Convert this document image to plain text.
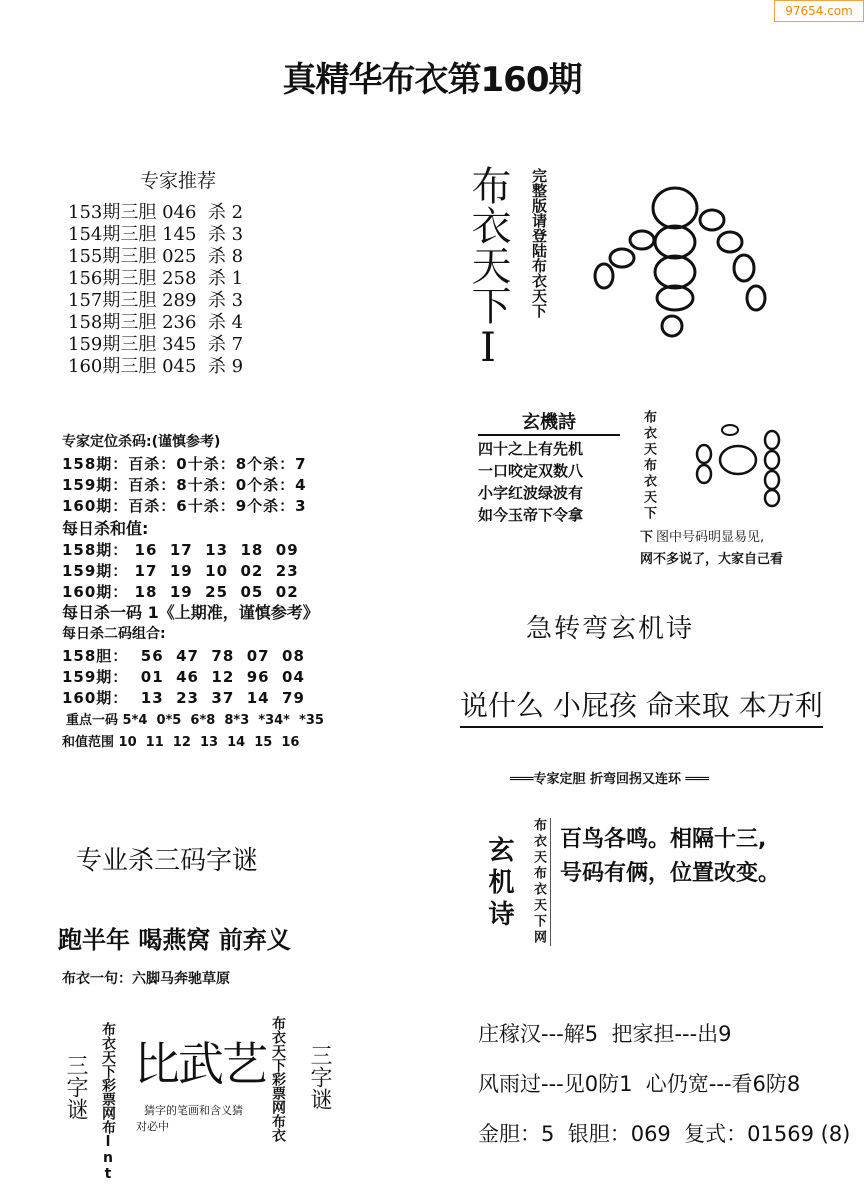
97654.com
真精华布衣第160期
专家推荐
153期三胆 046  杀 2
154期三胆 145  杀 3
155期三胆 025  杀 8
156期三胆 258  杀 1
157期三胆 289  杀 3
158期三胆 236  杀 4
159期三胆 345  杀 7
160期三胆 045  杀 9	布衣天下I 完整版请登陆布衣天下
专家定位杀码:(谨慎参考)
158期：百杀：0十杀：8个杀：7
159期：百杀：8十杀：0个杀：4
160期：百杀：6十杀：9个杀：3
每日杀和值:
158期： 16  17  13  18  09
159期： 17  19  10  02  23
160期： 18  19  25  05  02
每日杀一码 1《上期准，谨慎参考》
每日杀二码组合:
158胆：  56  47  78  07  08
159期：  01  46  12  96  04
160期：  13  23  37  14  79
重点一码 5*4  0*5  6*8  8*3  *34*  *35
和值范围 10  11  12  13  14  15  16
玄機詩
四十之上有先机
一口咬定双数八
小字红波绿波有
如今玉帝下令拿	布衣天布衣天下
下 图中号码明显易见,
网不多说了，大家自己看
急转弯玄机诗
说什么 小屁孩 命来取 本万利
═══专家定胆 折弯回拐又连环 ═══
玄机诗 布衣天布衣天下网 百鸟各鸣。相隔十三,
号码有俩，位置改变。
专业杀三码字谜
跑半年 喝燕窝 前弃义
布衣一句：六脚马奔驰草原
三字谜 布衣天下彩票网布lnt 比武艺
猜字的笔画和含义猜
对必中	布衣天下彩票网布衣 三字谜
庄稼汉---解5  把家担---出9
风雨过---见0防1  心仍宽---看6防8
金胆：5  银胆：069  复式：01569 (8)
